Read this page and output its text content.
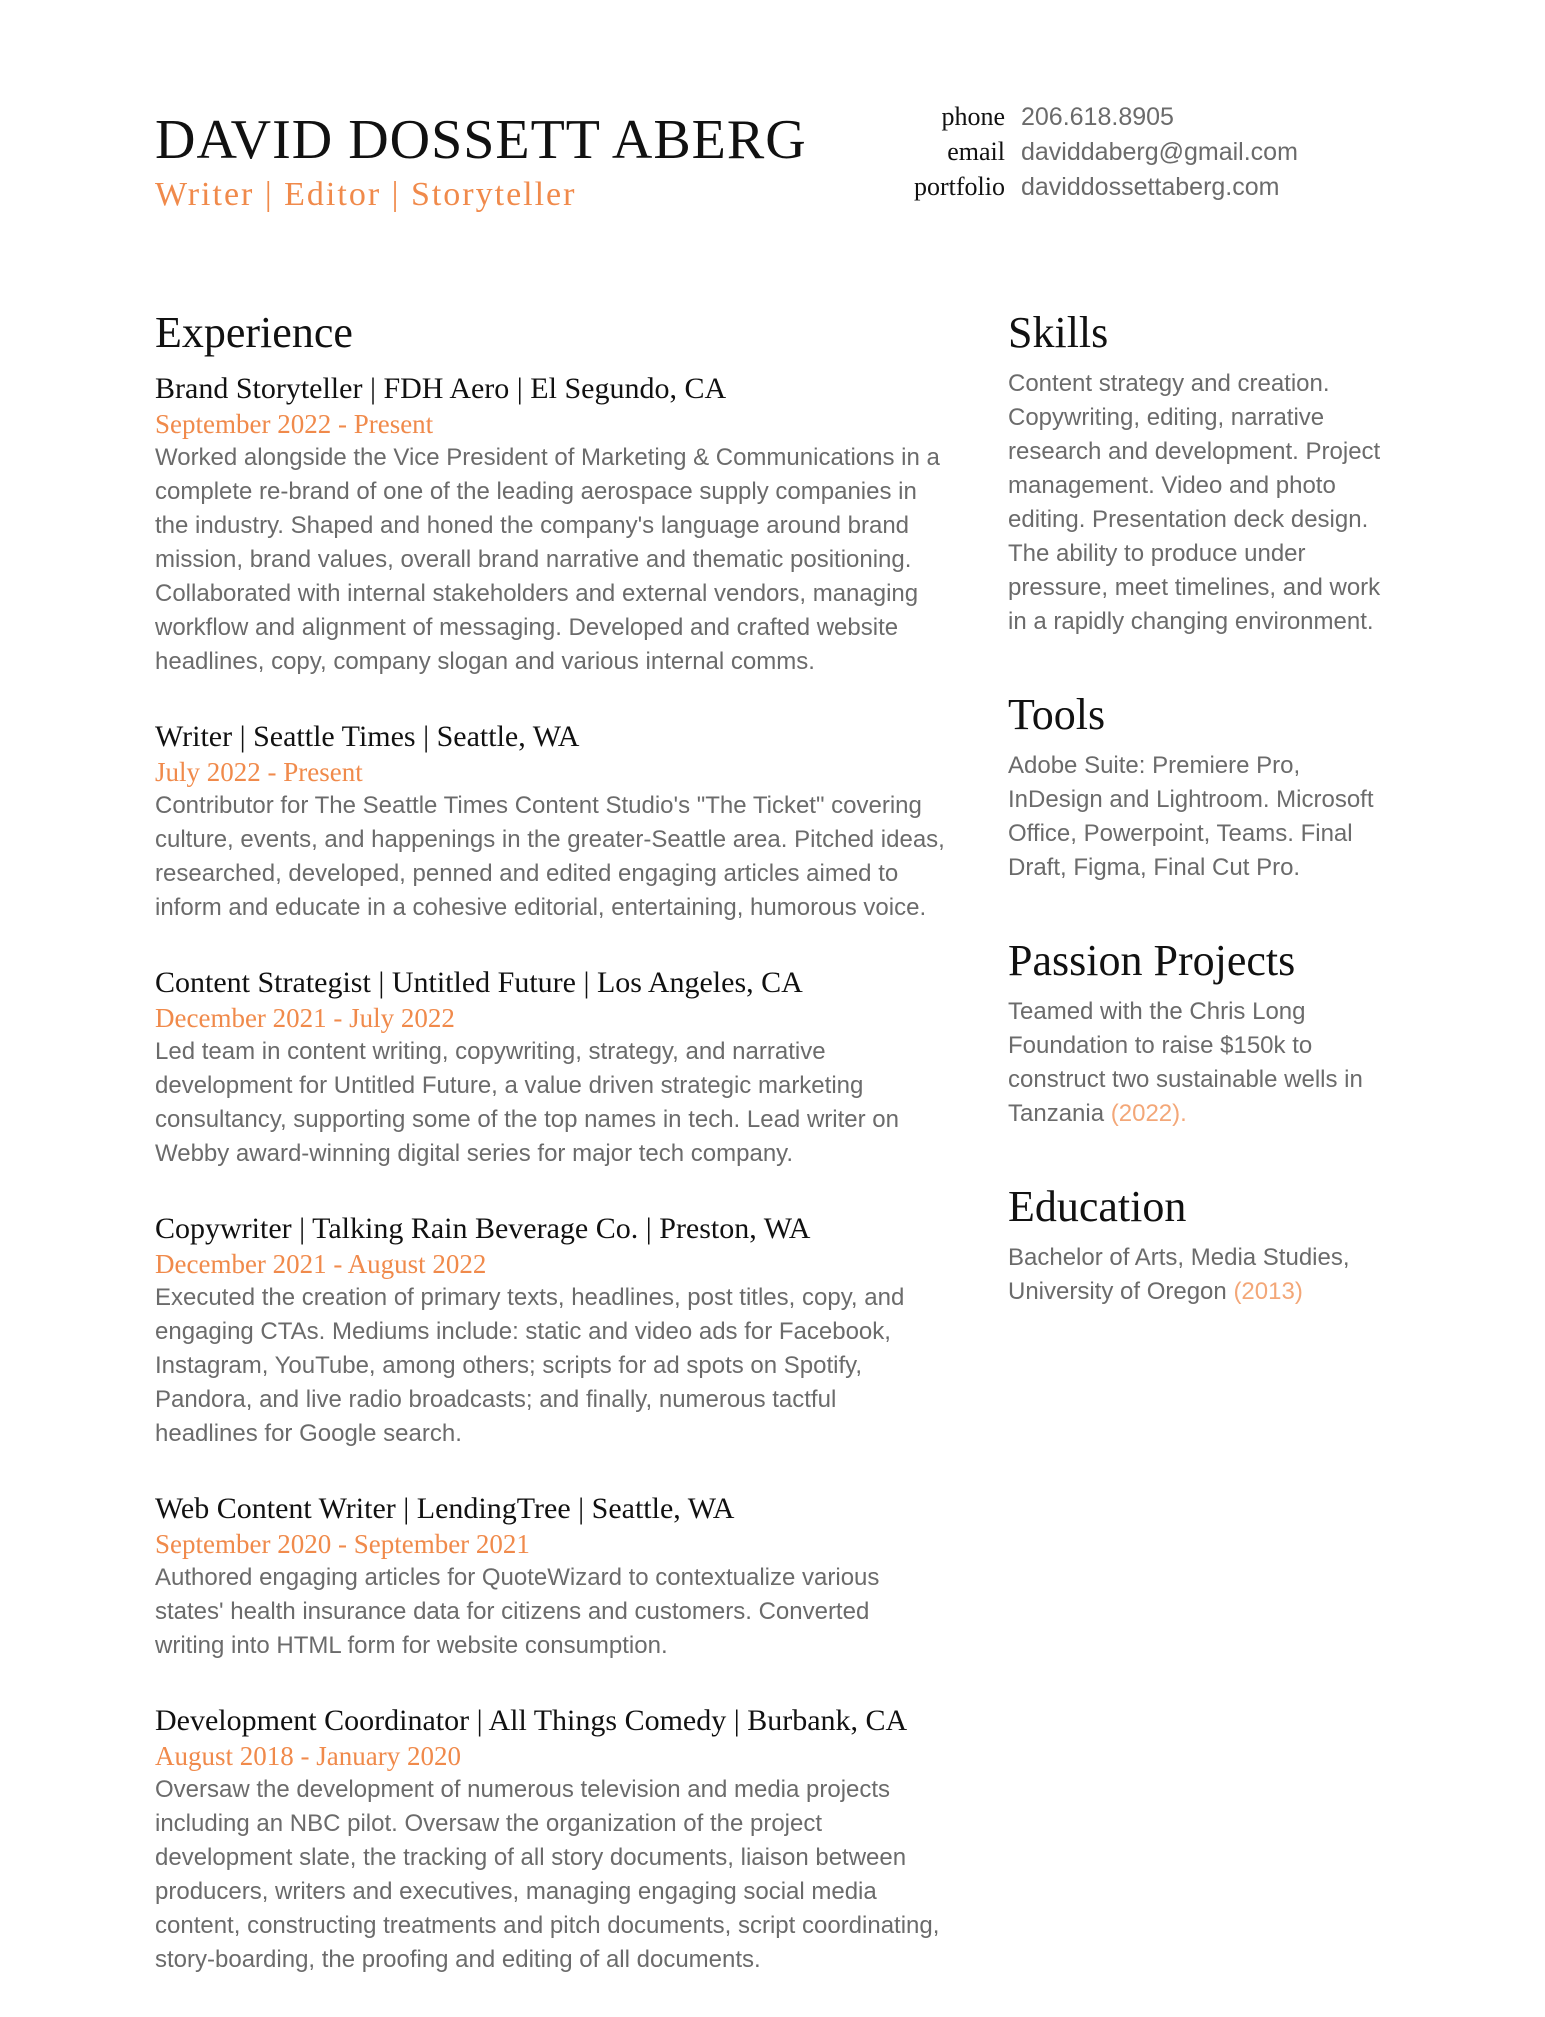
DAVID DOSSETT ABERG
Writer | Editor | Storyteller
phone 206.618.8905
email daviddaberg@gmail.com
portfolio daviddossettaberg.com
Experience
Brand Storyteller | FDH Aero | El Segundo, CA
September 2022 - Present

Worked alongside the Vice President of Marketing & Communications in a complete re-brand of one of the leading aerospace supply companies in the industry. Shaped and honed the company's language around brand mission, brand values, overall brand narrative and thematic positioning. Collaborated with internal stakeholders and external vendors, managing workflow and alignment of messaging. Developed and crafted website headlines, copy, company slogan and various internal comms.

Writer | Seattle Times | Seattle, WA
July 2022 - Present

Contributor for The Seattle Times Content Studio's "The Ticket" covering culture, events, and happenings in the greater-Seattle area. Pitched ideas, researched, developed, penned and edited engaging articles aimed to inform and educate in a cohesive editorial, entertaining, humorous voice.

Content Strategist | Untitled Future | Los Angeles, CA
December 2021 - July 2022

Led team in content writing, copywriting, strategy, and narrative development for Untitled Future, a value driven strategic marketing consultancy, supporting some of the top names in tech. Lead writer on Webby award-winning digital series for major tech company.

Copywriter | Talking Rain Beverage Co. | Preston, WA
December 2021 - August 2022

Executed the creation of primary texts, headlines, post titles, copy, and engaging CTAs. Mediums include: static and video ads for Facebook, Instagram, YouTube, among others; scripts for ad spots on Spotify, Pandora, and live radio broadcasts; and finally, numerous tactful headlines for Google search.

Web Content Writer | LendingTree | Seattle, WA
September 2020 - September 2021

Authored engaging articles for QuoteWizard to contextualize various states' health insurance data for citizens and customers. Converted writing into HTML form for website consumption.

Development Coordinator | All Things Comedy | Burbank, CA
August 2018 - January 2020

Oversaw the development of numerous television and media projects including an NBC pilot. Oversaw the organization of the project development slate, the tracking of all story documents, liaison between producers, writers and executives, managing engaging social media content, constructing treatments and pitch documents, script coordinating, story-boarding, the proofing and editing of all documents.

Skills

Content strategy and creation. Copywriting, editing, narrative research and development. Project management. Video and photo editing. Presentation deck design. The ability to produce under pressure, meet timelines, and work in a rapidly changing environment.

Tools

Adobe Suite: Premiere Pro, InDesign and Lightroom. Microsoft Office, Powerpoint, Teams. Final Draft, Figma, Final Cut Pro.

Passion Projects

Teamed with the Chris Long Foundation to raise $150k to construct two sustainable wells in Tanzania (2022).

Education

Bachelor of Arts, Media Studies, University of Oregon (2013)
